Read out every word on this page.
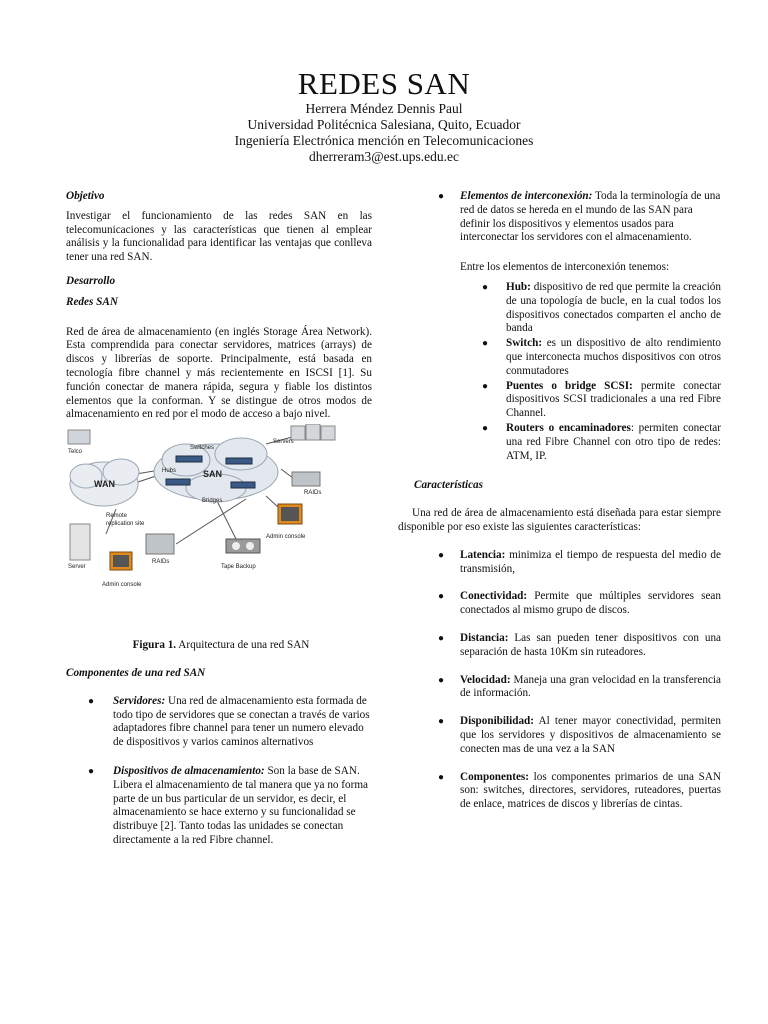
REDES SAN
Herrera Méndez Dennis Paul
Universidad Politécnica Salesiana, Quito, Ecuador
Ingeniería Electrónica mención en Telecomunicaciones
dherreram3@est.ups.edu.ec

Objetivo

Investigar el funcionamiento de las redes SAN en las telecomunicaciones y las características que tienen al emplear análisis y la funcionalidad para identificar las ventajas que conlleva tener una red SAN.

Desarrollo

Redes SAN

Red de área de almacenamiento (en inglés Storage Área Network). Esta comprendida para conectar servidores, matrices (arrays) de discos y librerías de soporte. Principalmente, está basada en tecnología fibre channel y más recientemente en ISCSI [1]. Su función conectar de manera rápida, segura y fiable los distintos elementos que la conforman. Y se distingue de otros modos de almacenamiento en red por el modo de acceso a bajo nivel.

WAN
Telco
SAN
Switches
Hubs
Bridges
Servers
RAIDs
Remote
replication site
Server
RAIDs
Admin console
Admin console
Tape Backup

Figura 1. Arquitectura de una red SAN

Componentes de una red SAN

● Servidores: Una red de almacenamiento esta formada de todo tipo de servidores que se conectan a través de varios adaptadores fibre channel para tener un numero elevado de dispositivos y varios caminos alternativos
● Dispositivos de almacenamiento: Son la base de SAN. Libera el almacenamiento de tal manera que ya no forma parte de un bus particular de un servidor, es decir, el almacenamiento se hace externo y su funcionalidad se distribuye [2]. Tanto todas las unidades se conectan directamente a la red Fibre channel.
● Elementos de interconexión: Toda la terminología de una red de datos se hereda en el mundo de las SAN para definir los dispositivos y elementos usados para interconectar los servidores con el almacenamiento.

Entre los elementos de interconexión tenemos:

● Hub: dispositivo de red que permite la creación de una topología de bucle, en la cual todos los dispositivos conectados comparten el ancho de banda
● Switch: es un dispositivo de alto rendimiento que interconecta muchos dispositivos con otros conmutadores
● Puentes o bridge SCSI: permite conectar dispositivos SCSI tradicionales a una red Fibre Channel.
● Routers o encaminadores: permiten conectar una red Fibre Channel con otro tipo de redes: ATM, IP.

Características

Una red de área de almacenamiento está diseñada para estar siempre disponible por eso existe las siguientes características:

● Latencia: minimiza el tiempo de respuesta del medio de transmisión,
● Conectividad: Permite que múltiples servidores sean conectados al mismo grupo de discos.
● Distancia: Las san pueden tener dispositivos con una separación de hasta 10Km sin ruteadores.
● Velocidad: Maneja una gran velocidad en la transferencia de información.
● Disponibilidad: Al tener mayor conectividad, permiten que los servidores y dispositivos de almacenamiento se conecten mas de una vez a la SAN
● Componentes: los componentes primarios de una SAN son: switches, directores, servidores, ruteadores, puertas de enlace, matrices de discos y librerías de cintas.
